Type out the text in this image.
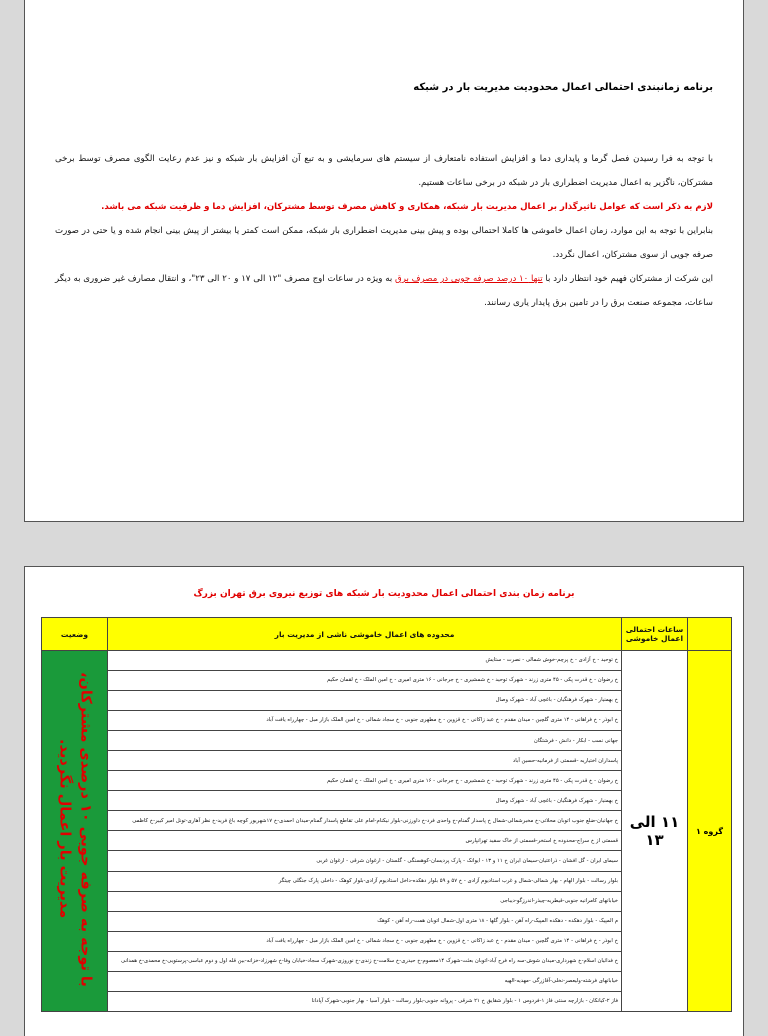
برنامه زمانبندی احتمالی اعمال محدودیت مدیریت بار در شبکه

با توجه به فرا رسیدن فصل گرما و پایداری دما و افزایش استفاده نامتعارف از سیستم های سرمایشی و به تبع آن افزایش بار شبکه و نیز عدم رعایت الگوی مصرف توسط برخی مشترکان، ناگزیر به اعمال مدیریت اضطراری بار در شبکه در برخی ساعات هستیم.

لازم به ذکر است که عوامل تاثیرگذار بر اعمال مدیریت بار شبکه، همکاری و کاهش مصرف توسط مشترکان، افزایش دما و ظرفیت شبکه می باشد.

بنابراین با توجه به این موارد، زمان اعمال خاموشی ها کاملا احتمالی بوده و پیش بینی مدیریت اضطراری بار شبکه، ممکن است کمتر یا بیشتر از پیش بینی انجام شده و یا حتی در صورت صرفه جویی از سوی مشترکان، اعمال نگردد.

این شرکت از مشترکان فهیم خود انتظار دارد با تنها ۱۰ درصد صرفه جویی در مصرف برق به ویژه در ساعات اوج مصرف "۱۲ الی ۱۷ و ۲۰ الی ۲۳"، و انتقال مصارف غیر ضروری به دیگر ساعات، مجموعه صنعت برق را در تامین برق پایدار یاری رسانند.

برنامه زمان بندی احتمالی اعمال محدودیت بار شبکه های توزیع نیروی برق تهران بزرگ
	ساعات احتمالی اعمال خاموشی	محدوده های اعمال خاموشی ناشی از مدیریت بار	وضعیت
گروه ۱	۱۱ الی ۱۳	خ توحید - خ آزادی - خ پرچم-خوش شمالی - نصرت - ستایش	با توجه به صرفه جویی ۱۰ درصدی مشترکان، مدیریت بار اعمال نگردید.
		خ رضوان - خ قدرت پکی - ۴۵ متری زرند - شهرک توحید - خ شمشیری - خ جرجانی - ۱۶ متری امیری - خ امین الملک - خ لقمان حکیم	
		خ بهمنیار - شهرک فرهنگیان - باغچی آباد - شهرک وصال	
		خ ابوذر - خ فراهانی - ۱۴ متری گلچین - میدان مقدم - خ عبد زاکانی - خ قزوین - خ مطهری جنوبی - خ سجاد شمالی - خ امین الملک بازار مبل - چهارراه یافت آباد	
		جهانی نسب - ابکار - دانش - فرشتگان	
		پاسداران اختیاریه -قسمتی از فرمانیه-حسین آباد	
		خ رضوان - خ قدرت پکی - ۴۵ متری زرند - شهرک توحید - خ شمشیری - خ جرجانی - ۱۶ متری امیری - خ امین الملک - خ لقمان حکیم	
		خ بهمنیار - شهرک فرهنگیان - باغچی آباد - شهرک وصال	
		خ جهانیان-ضلع جنوب اتوبان محلاتی-خ مخبرشمالی-شمال خ پاسدار گمنام-خ واحدی فرد-خ داورزنی-بلوار نیکنام-امام علی تقاطع پاسدار گمنام-میدان احمدی-خ ۱۷شهریور کوچه باغ فرید-خ نظر آهاری-تونل امیر کبیر-خ کاظمی	
		قسمتی از خ سراج-محدوده خ استخر-قسمتی از خاک سفید تهرانپارس	
		سیمای ایران - گل افشان - ذراعتیان-سیمان ایران خ ۱۱ و ۱۳ - ایوانک - پارک پردیسان-کوهسنگی - گلستان - ارغوان شرقی - ارغوان غربی	
		بلوار رسالت - بلوار الهام - بهار شمالی-شمال و غرب استادیوم آزادی - خ ۵۷ و ۵۹ بلوار دهکده-داخل استادیوم آزادی-بلوار کوهک - داخلی پارک جنگلی چیتگر	
		خیابانهای کامرانیه جنوبی-قیطریه-چیذر-اندرزگو-دیباجی	
		م المپیک - بلوار دهکده - دهکده المپیک-راه آهن - بلوار گلها - ۱۸ متری اول-شمال اتوبان همت-راه آهن - کوهک	
		خ ابوذر - خ فراهانی - ۱۴ متری گلچین - میدان مقدم - خ عبد زاکانی - خ قزوین - خ مطهری جنوبی - خ سجاد شمالی - خ امین الملک بازار مبل - چهارراه یافت آباد	
		خ فدائیان اسلام-خ شهرداری-میدان شوش-سه راه فرح آباد-اتوبان بعثت-شهرک ۱۴معصوم-خ حیدری-خ سلامت-خ زندی-خ نوروزی-شهرک سجاد-خیابان وفا-خ شهرزاد-خزانه-بین قله اول و دوم عباسی-پرستویی-خ محمدی-خ همدانی	
		خیابانهای فرشته-ولیعصر-نخلی-آقازرگی -مهدیه-الهیه	
		فاز ۲-کیانکان - بازارچه سنتی فاز ۱-فردوس ۱ - بلوار شقایق خ ۲۱ شرقی - پروانه جنوبی-بلوار رسالت - بلوار آسیا - بهار جنوبی-شهرک آپادانا	
